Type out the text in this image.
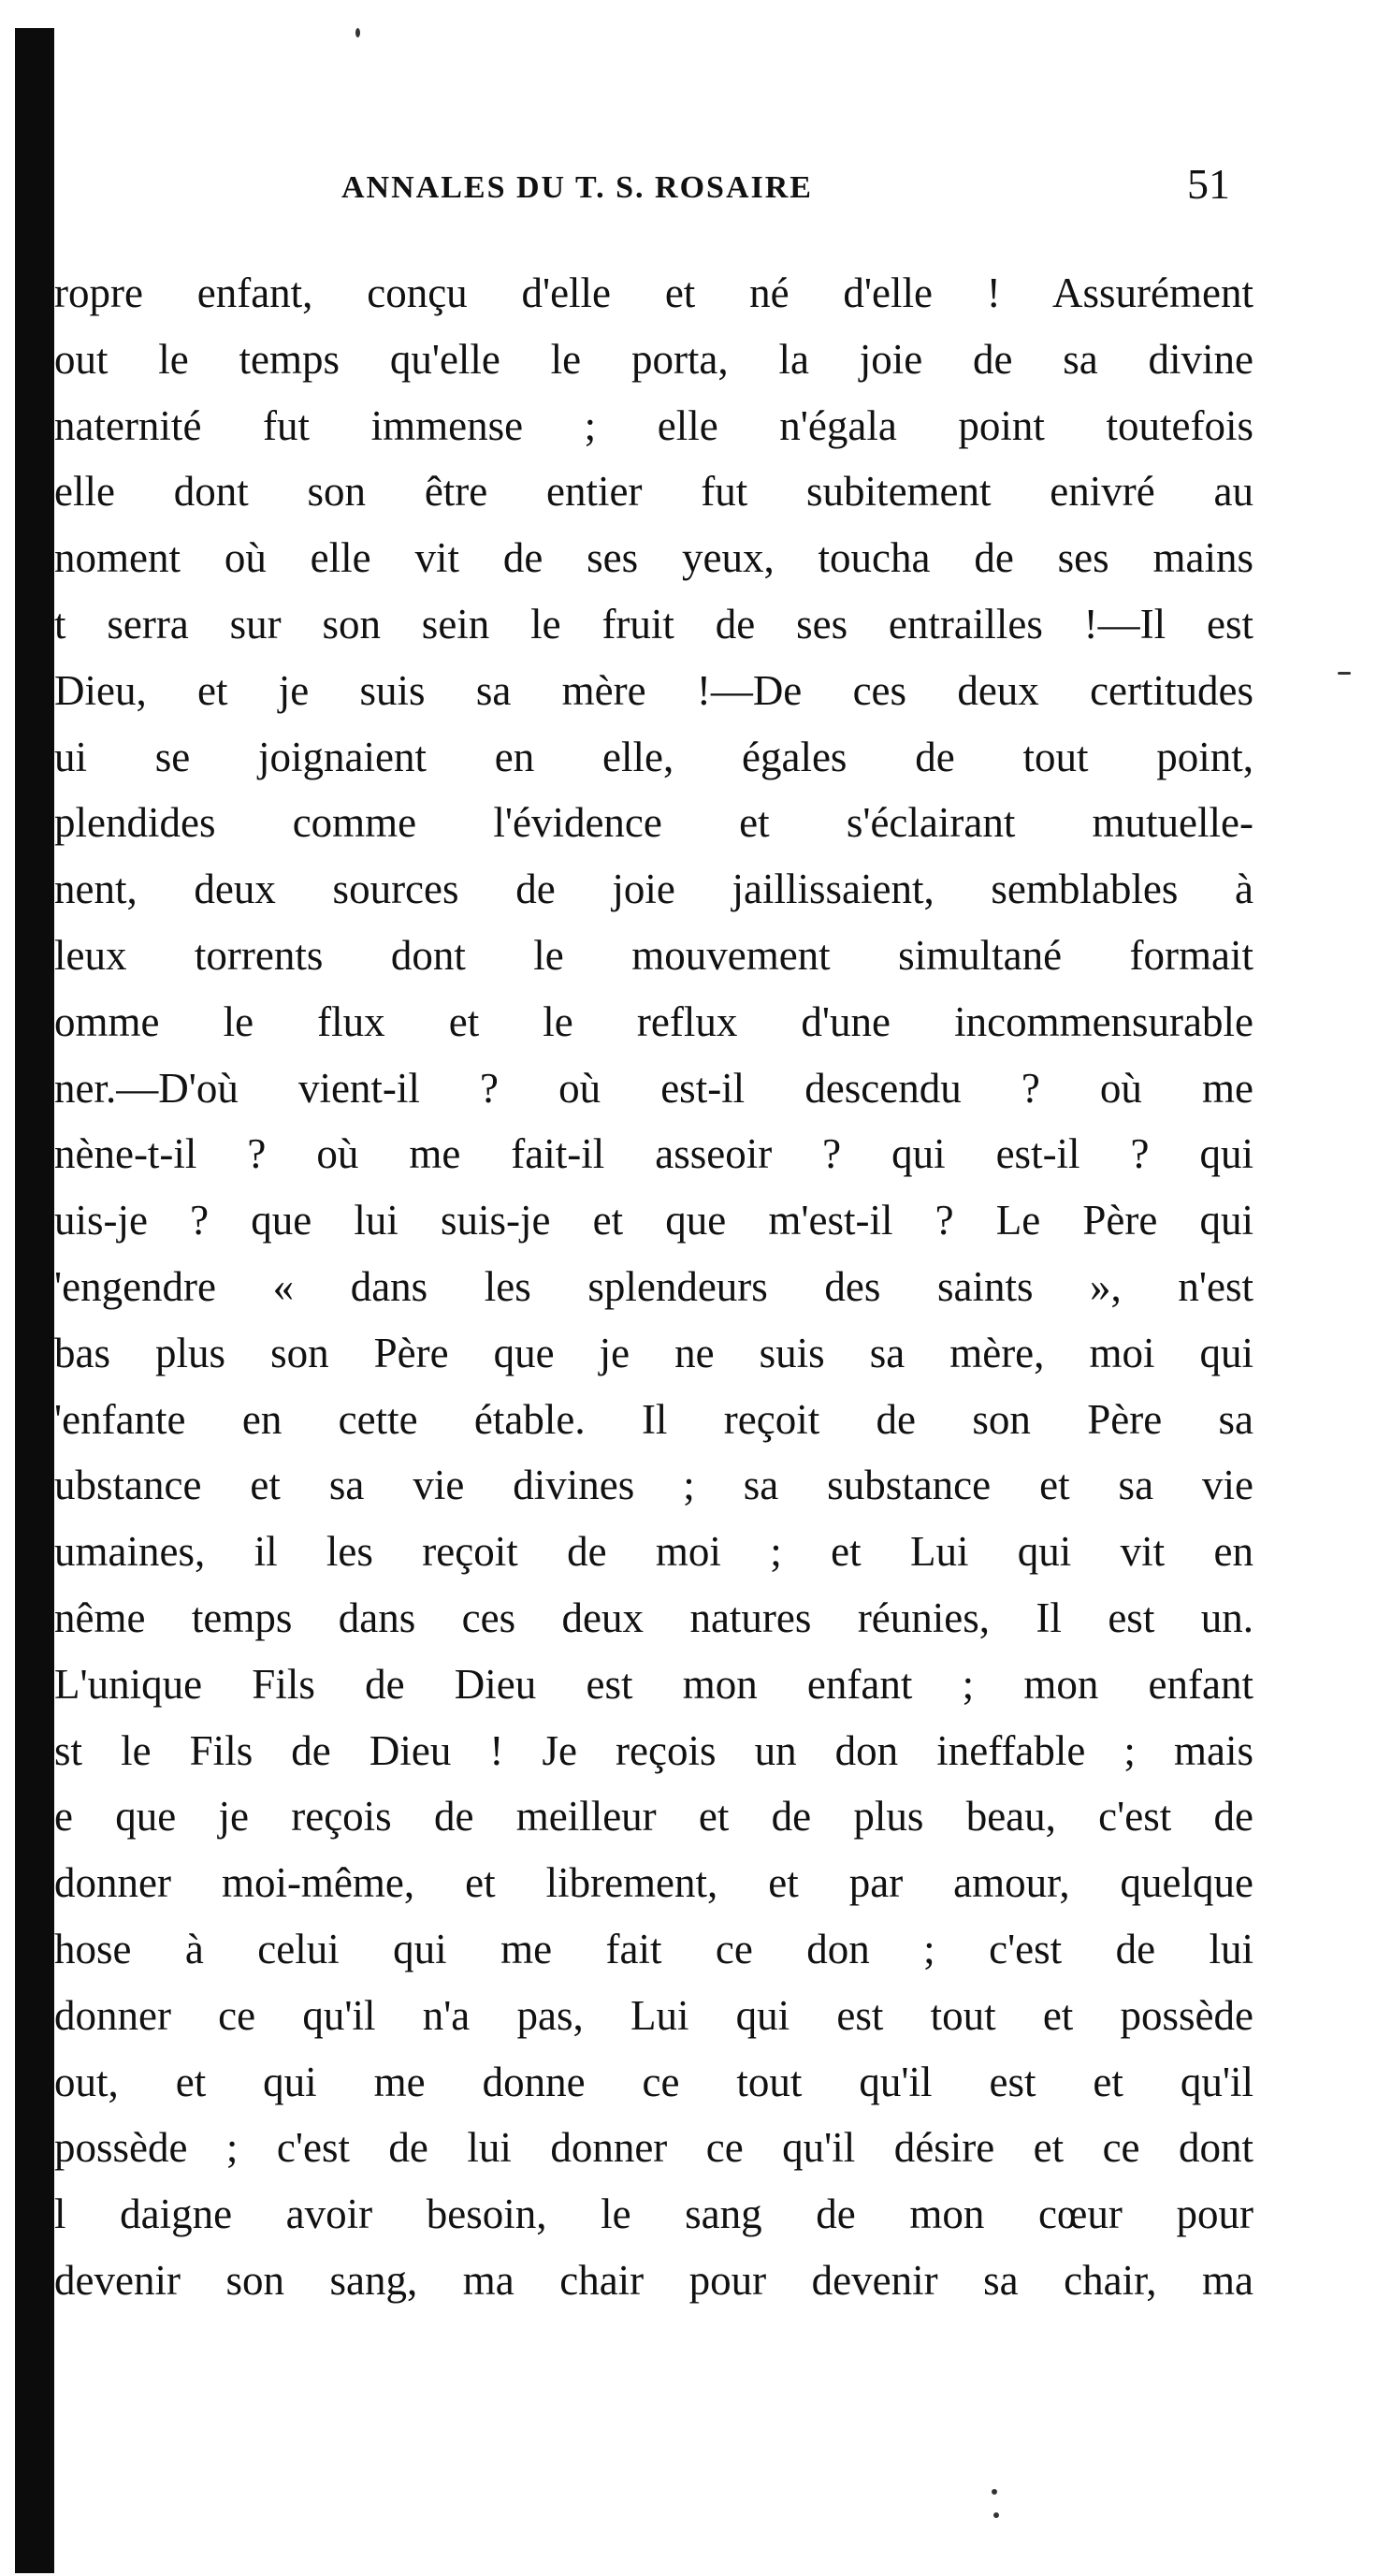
ANNALES DU T. S. ROSAIRE	51
ropre enfant, conçu d'elle et né d'elle ! Assurément
out le temps qu'elle le porta, la joie de sa divine
naternité fut immense ; elle n'égala point toutefois
elle dont son être entier fut subitement enivré au
noment où elle vit de ses yeux, toucha de ses mains
t serra sur son sein le fruit de ses entrailles !—Il est
Dieu, et je suis sa mère !—De ces deux certitudes
ui se joignaient en elle, égales de tout point,
plendides comme l'évidence et s'éclairant mutuelle-
nent, deux sources de joie jaillissaient, semblables à
leux torrents dont le mouvement simultané formait
omme le flux et le reflux d'une incommensurable
ner.—D'où vient-il ? où est-il descendu ? où me
nène-t-il ? où me fait-il asseoir ? qui est-il ? qui
uis-je ? que lui suis-je et que m'est-il ? Le Père qui
'engendre « dans les splendeurs des saints », n'est
bas plus son Père que je ne suis sa mère, moi qui
'enfante en cette étable. Il reçoit de son Père sa
ubstance et sa vie divines ; sa substance et sa vie
umaines, il les reçoit de moi ; et Lui qui vit en
nême temps dans ces deux natures réunies, Il est un.
L'unique Fils de Dieu est mon enfant ; mon enfant
st le Fils de Dieu ! Je reçois un don ineffable ; mais
e que je reçois de meilleur et de plus beau, c'est de
donner moi-même, et librement, et par amour, quelque
hose à celui qui me fait ce don ; c'est de lui
donner ce qu'il n'a pas, Lui qui est tout et possède
out, et qui me donne ce tout qu'il est et qu'il
possède ; c'est de lui donner ce qu'il désire et ce dont
l daigne avoir besoin, le sang de mon cœur pour
devenir son sang, ma chair pour devenir sa chair, ma
